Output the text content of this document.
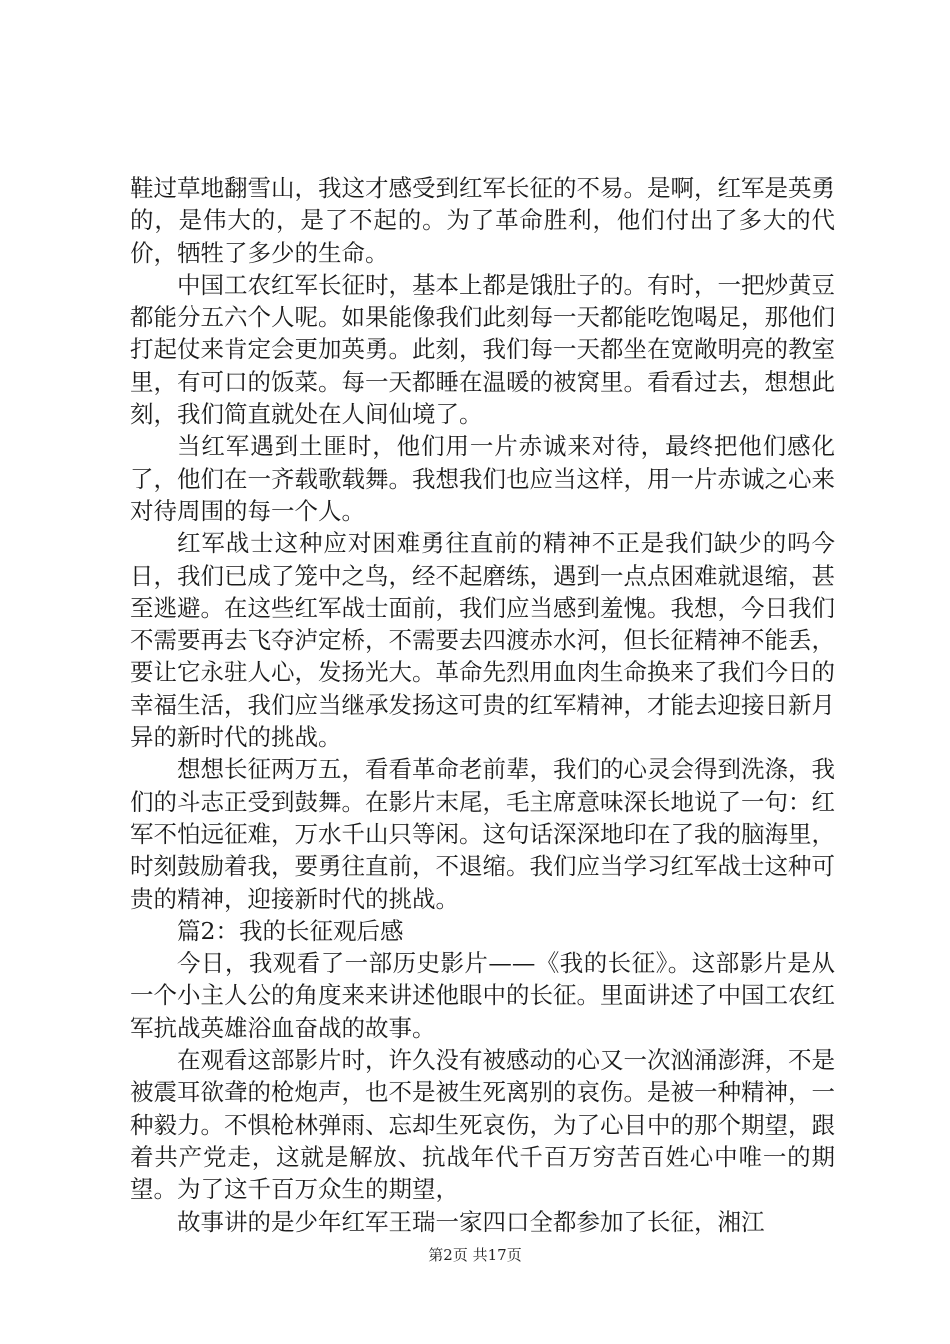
鞋过草地翻雪山，我这才感受到红军长征的不易。是啊，红军是英勇的，是伟大的，是了不起的。为了革命胜利，他们付出了多大的代价，牺牲了多少的生命。

中国工农红军长征时，基本上都是饿肚子的。有时，一把炒黄豆都能分五六个人呢。如果能像我们此刻每一天都能吃饱喝足，那他们打起仗来肯定会更加英勇。此刻，我们每一天都坐在宽敞明亮的教室里，有可口的饭菜。每一天都睡在温暖的被窝里。看看过去，想想此刻，我们简直就处在人间仙境了。

当红军遇到土匪时，他们用一片赤诚来对待，最终把他们感化了，他们在一齐载歌载舞。我想我们也应当这样，用一片赤诚之心来对待周围的每一个人。

红军战士这种应对困难勇往直前的精神不正是我们缺少的吗今日，我们已成了笼中之鸟，经不起磨练，遇到一点点困难就退缩，甚至逃避。在这些红军战士面前，我们应当感到羞愧。我想，今日我们不需要再去飞夺泸定桥，不需要去四渡赤水河，但长征精神不能丢，要让它永驻人心，发扬光大。革命先烈用血肉生命换来了我们今日的幸福生活，我们应当继承发扬这可贵的红军精神，才能去迎接日新月异的新时代的挑战。

想想长征两万五，看看革命老前辈，我们的心灵会得到洗涤，我们的斗志正受到鼓舞。在影片末尾，毛主席意味深长地说了一句：红军不怕远征难，万水千山只等闲。这句话深深地印在了我的脑海里，时刻鼓励着我，要勇往直前，不退缩。我们应当学习红军战士这种可贵的精神，迎接新时代的挑战。

篇2：我的长征观后感

今日，我观看了一部历史影片——《我的长征》。这部影片是从一个小主人公的角度来来讲述他眼中的长征。里面讲述了中国工农红军抗战英雄浴血奋战的故事。

在观看这部影片时，许久没有被感动的心又一次汹涌澎湃，不是被震耳欲聋的枪炮声，也不是被生死离别的哀伤。是被一种精神，一种毅力。不惧枪林弹雨、忘却生死哀伤，为了心目中的那个期望，跟着共产党走，这就是解放、抗战年代千百万穷苦百姓心中唯一的期望。为了这千百万众生的期望，

故事讲的是少年红军王瑞一家四口全都参加了长征，湘江

第2页 共17页
